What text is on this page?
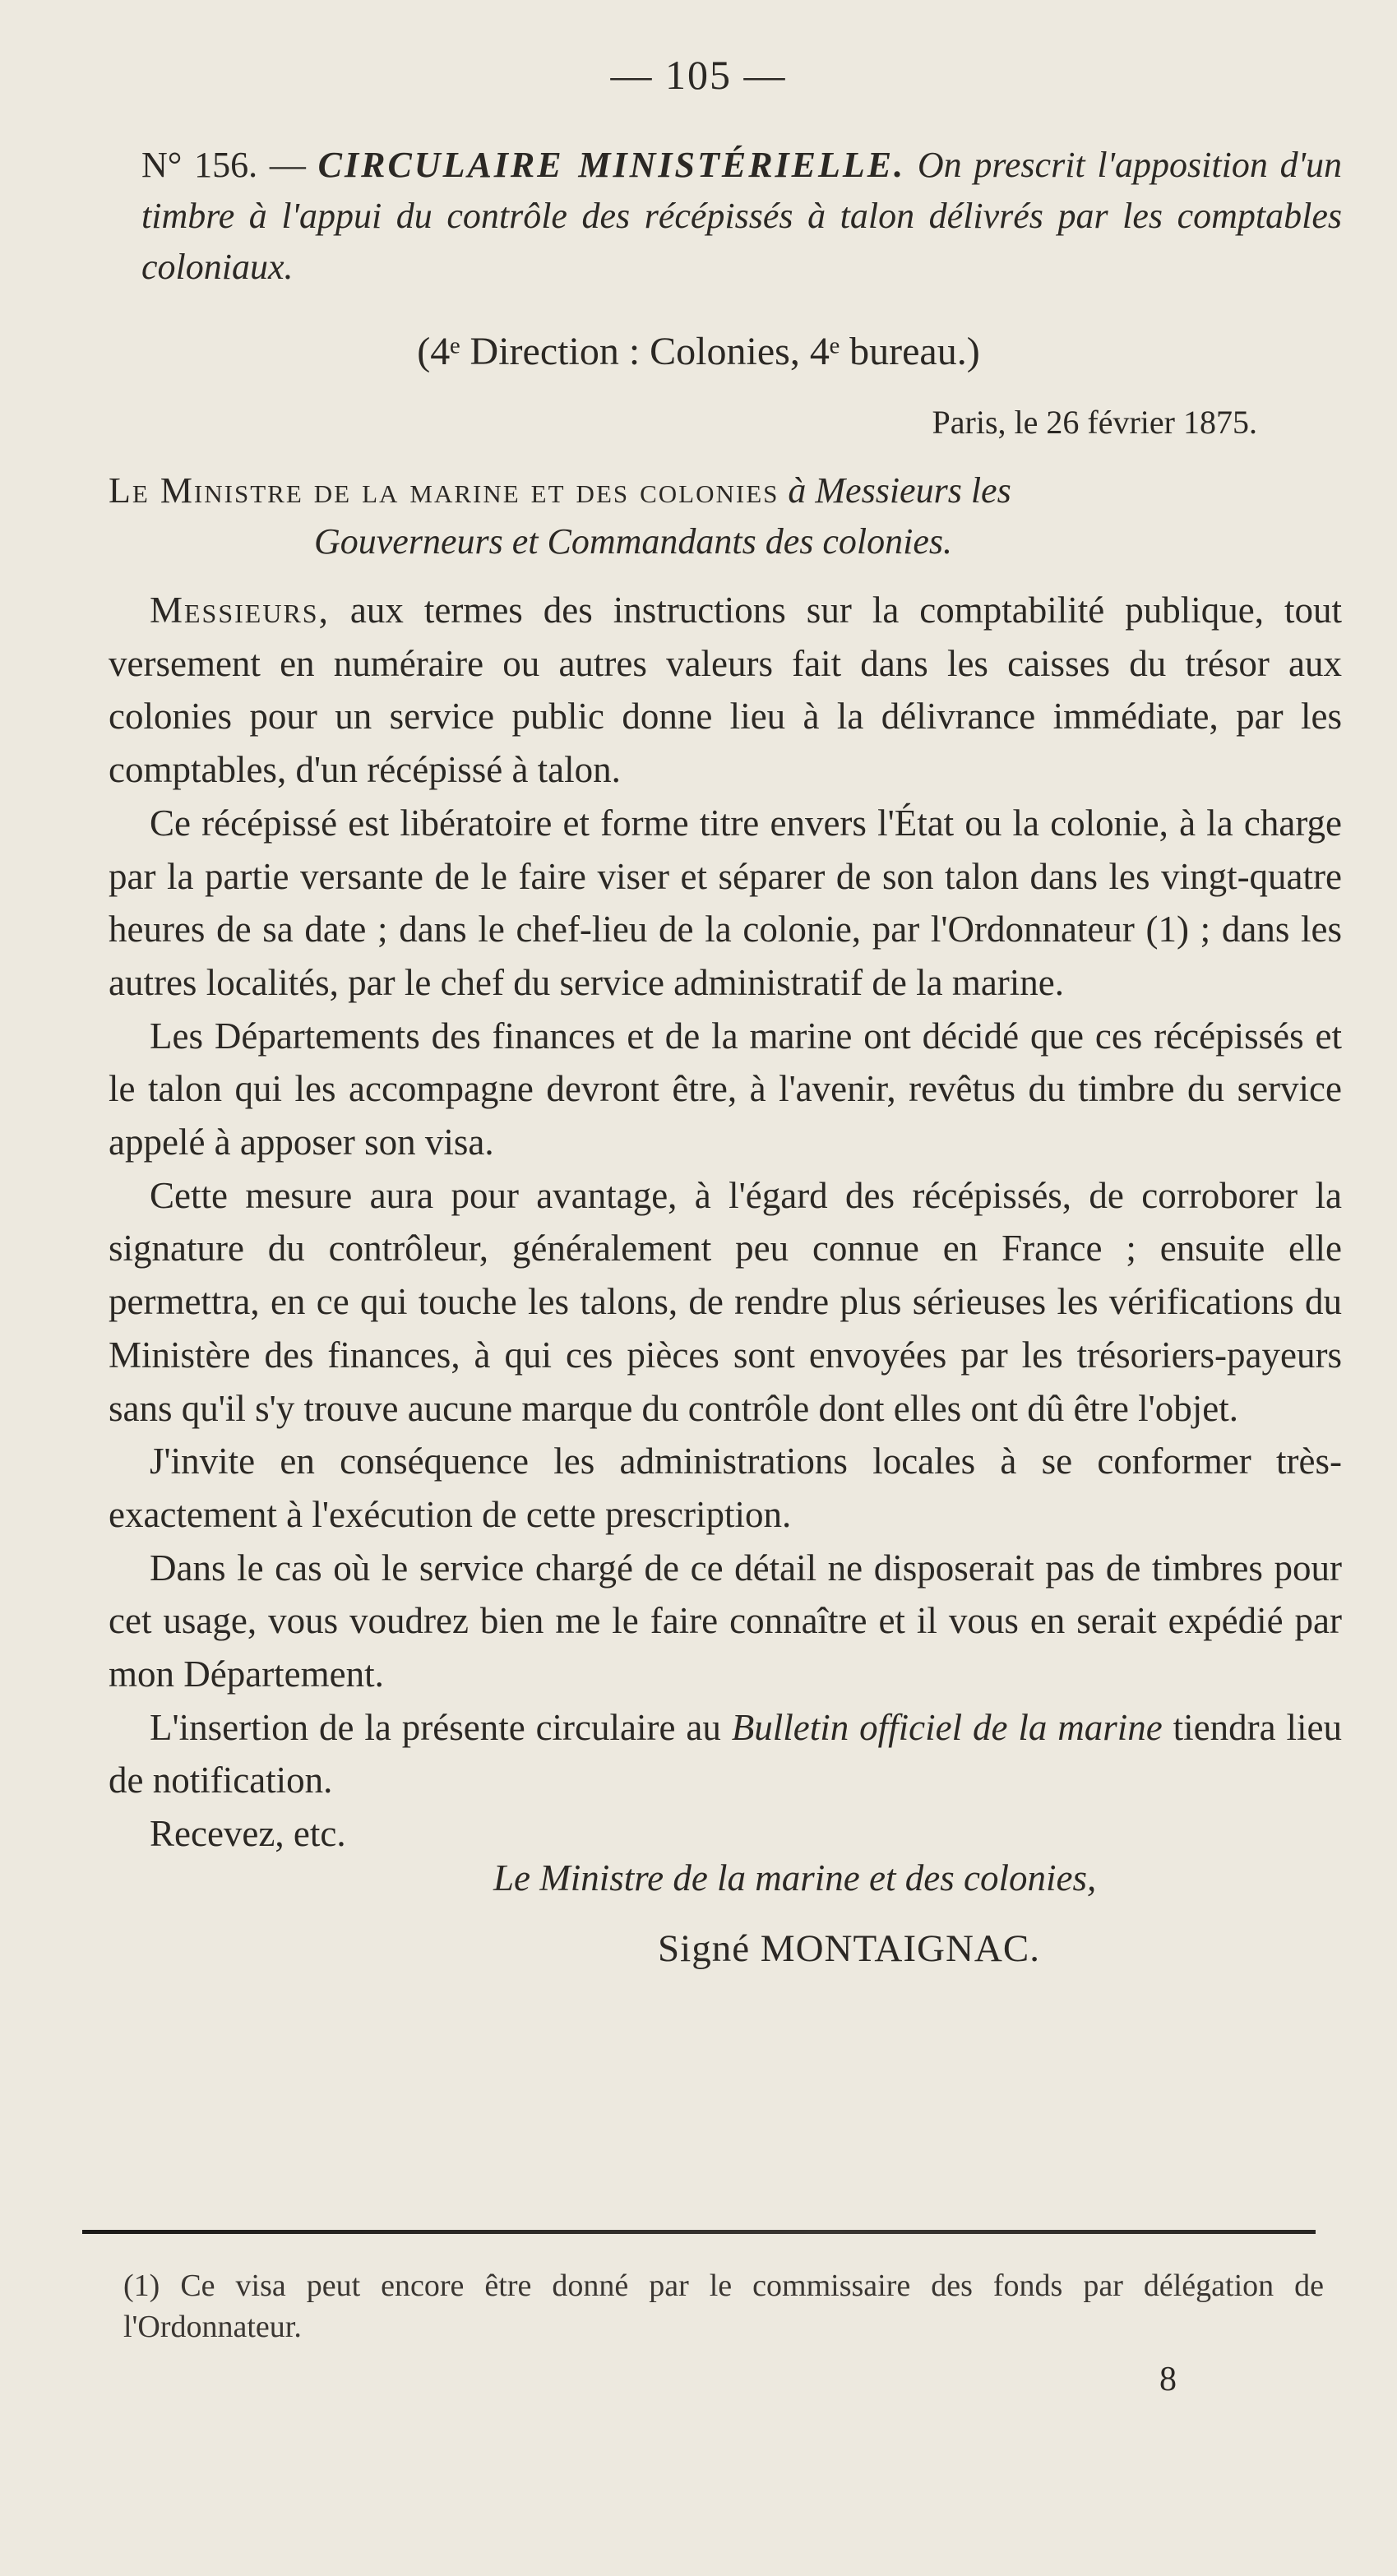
— 105 —
N° 156. — CIRCULAIRE MINISTÉRIELLE. On prescrit l'apposition d'un timbre à l'appui du contrôle des récépissés à talon délivrés par les comptables coloniaux.
(4ᵉ Direction : Colonies, 4ᵉ bureau.)
Paris, le 26 février 1875.
Le Ministre de la marine et des colonies à Messieurs les
Gouverneurs et Commandants des colonies.

Messieurs, aux termes des instructions sur la comptabilité publique, tout versement en numéraire ou autres valeurs fait dans les caisses du trésor aux colonies pour un service public donne lieu à la délivrance immédiate, par les comptables, d'un récépissé à talon.

Ce récépissé est libératoire et forme titre envers l'État ou la colonie, à la charge par la partie versante de le faire viser et séparer de son talon dans les vingt-quatre heures de sa date ; dans le chef-lieu de la colonie, par l'Ordonnateur (1) ; dans les autres localités, par le chef du service administratif de la marine.

Les Départements des finances et de la marine ont décidé que ces récépissés et le talon qui les accompagne devront être, à l'avenir, revêtus du timbre du service appelé à apposer son visa.

Cette mesure aura pour avantage, à l'égard des récépissés, de corroborer la signature du contrôleur, généralement peu connue en France ; ensuite elle permettra, en ce qui touche les talons, de rendre plus sérieuses les vérifications du Ministère des finances, à qui ces pièces sont envoyées par les trésoriers-payeurs sans qu'il s'y trouve aucune marque du contrôle dont elles ont dû être l'objet.

J'invite en conséquence les administrations locales à se conformer très-exactement à l'exécution de cette prescription.

Dans le cas où le service chargé de ce détail ne disposerait pas de timbres pour cet usage, vous voudrez bien me le faire connaître et il vous en serait expédié par mon Département.

L'insertion de la présente circulaire au Bulletin officiel de la marine tiendra lieu de notification.

Recevez, etc.

Le Ministre de la marine et des colonies,
Signé MONTAIGNAC.
(1) Ce visa peut encore être donné par le commissaire des fonds par délégation de l'Ordonnateur.
8
